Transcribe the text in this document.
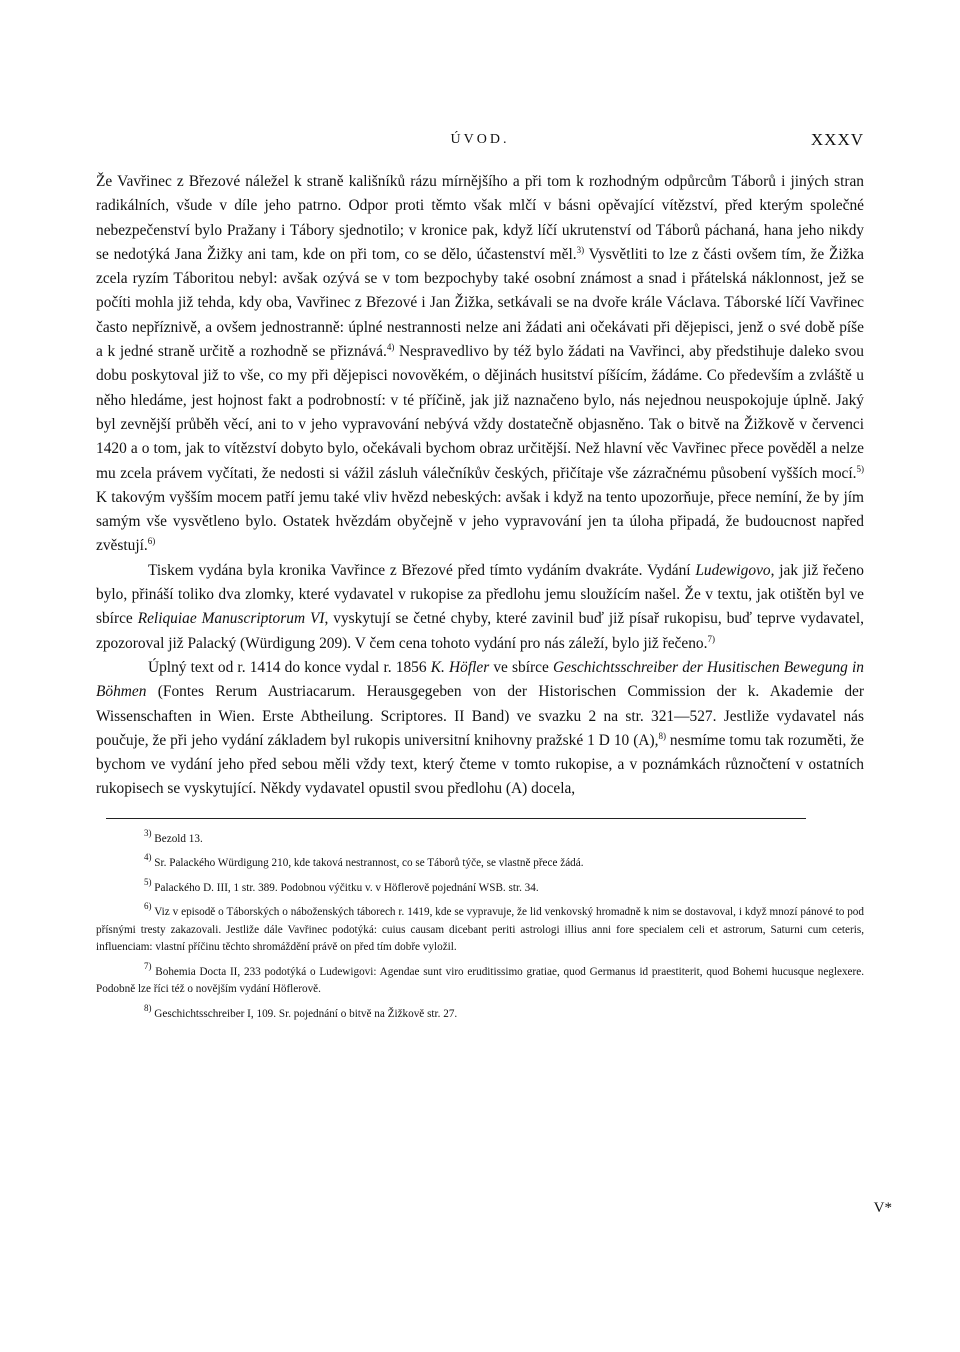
ÚVOD.	XXXV

Že Vavřinec z Březové náležel k straně kališníků rázu mírnějšího a při tom k rozhodným odpůrcům Táborů i jiných stran radikálních, všude v díle jeho patrno. Odpor proti těmto však mlčí v básni opěvající vítězství, před kterým společné nebezpečenství bylo Pražany i Tábory sjednotilo; v kronice pak, když líčí ukrutenství od Táborů páchaná, hana jeho nikdy se nedotýká Jana Žižky ani tam, kde on při tom, co se dělo, účastenství měl.$^{3)}$ Vysvětliti to lze z části ovšem tím, že Žižka zcela ryzím Táboritou nebyl: avšak ozývá se v tom bezpochyby také osobní známost a snad i přátelská náklonnost, jež se počíti mohla již tehda, kdy oba, Vavřinec z Březové i Jan Žižka, setkávali se na dvoře krále Václava. Táborské líčí Vavřinec často nepříznivě, a ovšem jednostranně: úplné nestrannosti nelze ani žádati ani očekávati při dějepisci, jenž o své době píše a k jedné straně určitě a rozhodně se přiznává.$^{4)}$ Nespravedlivo by též bylo žádati na Vavřinci, aby předstihuje daleko svou dobu poskytoval již to vše, co my při dějepisci novověkém, o dějinách husitství píšícím, žádáme. Co především a zvláště u něho hledáme, jest hojnost fakt a podrobností: v té příčině, jak již naznačeno bylo, nás nejednou neuspokojuje úplně. Jaký byl zevnější průběh věcí, ani to v jeho vypravování nebývá vždy dostatečně objasněno. Tak o bitvě na Žižkově v červenci 1420 a o tom, jak to vítězství dobyto bylo, očekávali bychom obraz určitější. Než hlavní věc Vavřinec přece pověděl a nelze mu zcela právem vyčítati, že nedosti si vážil zásluh válečníkův českých, přičítaje vše zázračnému působení vyšších mocí.$^{5)}$ K takovým vyšším mocem patří jemu také vliv hvězd nebeských: avšak i když na tento upozorňuje, přece nemíní, že by jím samým vše vysvětleno bylo. Ostatek hvězdám obyčejně v jeho vypravování jen ta úloha připadá, že budoucnost napřed zvěstují.$^{6)}$

Tiskem vydána byla kronika Vavřince z Březové před tímto vydáním dvakráte. Vydání Ludewigovo, jak již řečeno bylo, přináší toliko dva zlomky, které vydavatel v rukopise za předlohu jemu sloužícím našel. Že v textu, jak otištěn byl ve sbírce Reliquiae Manuscriptorum VI, vyskytují se četné chyby, které zavinil buď již písař rukopisu, buď teprve vydavatel, zpozoroval již Palacký (Würdigung 209). V čem cena tohoto vydání pro nás záleží, bylo již řečeno.$^{7)}$

Úplný text od r. 1414 do konce vydal r. 1856 K. Höfler ve sbírce Geschichtsschreiber der Husitischen Bewegung in Böhmen (Fontes Rerum Austriacarum. Herausgegeben von der Historischen Commission der k. Akademie der Wissenschaften in Wien. Erste Abtheilung. Scriptores. II Band) ve svazku 2 na str. 321—527. Jestliže vydavatel nás poučuje, že při jeho vydání základem byl rukopis universitní knihovny pražské 1 D 10 (A),$^{8)}$ nesmíme tomu tak rozuměti, že bychom ve vydání jeho před sebou měli vždy text, který čteme v tomto rukopise, a v poznámkách různočtení v ostatních rukopisech se vyskytující. Někdy vydavatel opustil svou předlohu (A) docela,

$^{3)}$ Bezold 13.

$^{4)}$ Sr. Palackého Würdigung 210, kde taková nestrannost, co se Táborů týče, se vlastně přece žádá.

$^{5)}$ Palackého D. III, 1 str. 389. Podobnou výčitku v. v Höflerově pojednání WSB. str. 34.

$^{6)}$ Viz v episodě o Táborských o náboženských táborech r. 1419, kde se vypravuje, že lid venkovský hromadně k nim se dostavoval, i když mnozí pánové to pod přísnými tresty zakazovali. Jestliže dále Vavřinec podotýká: cuius causam dicebant periti astrologi illius anni fore specialem celi et astrorum, Saturni cum ceteris, influenciam: vlastní příčinu těchto shromáždění právě on před tím dobře vyložil.

$^{7)}$ Bohemia Docta II, 233 podotýká o Ludewigovi: Agendae sunt viro eruditissimo gratiae, quod Germanus id praestiterit, quod Bohemi hucusque neglexere. Podobně lze říci též o novějším vydání Höflerově.

$^{8)}$ Geschichtsschreiber I, 109. Sr. pojednání o bitvě na Žižkově str. 27.

V*
